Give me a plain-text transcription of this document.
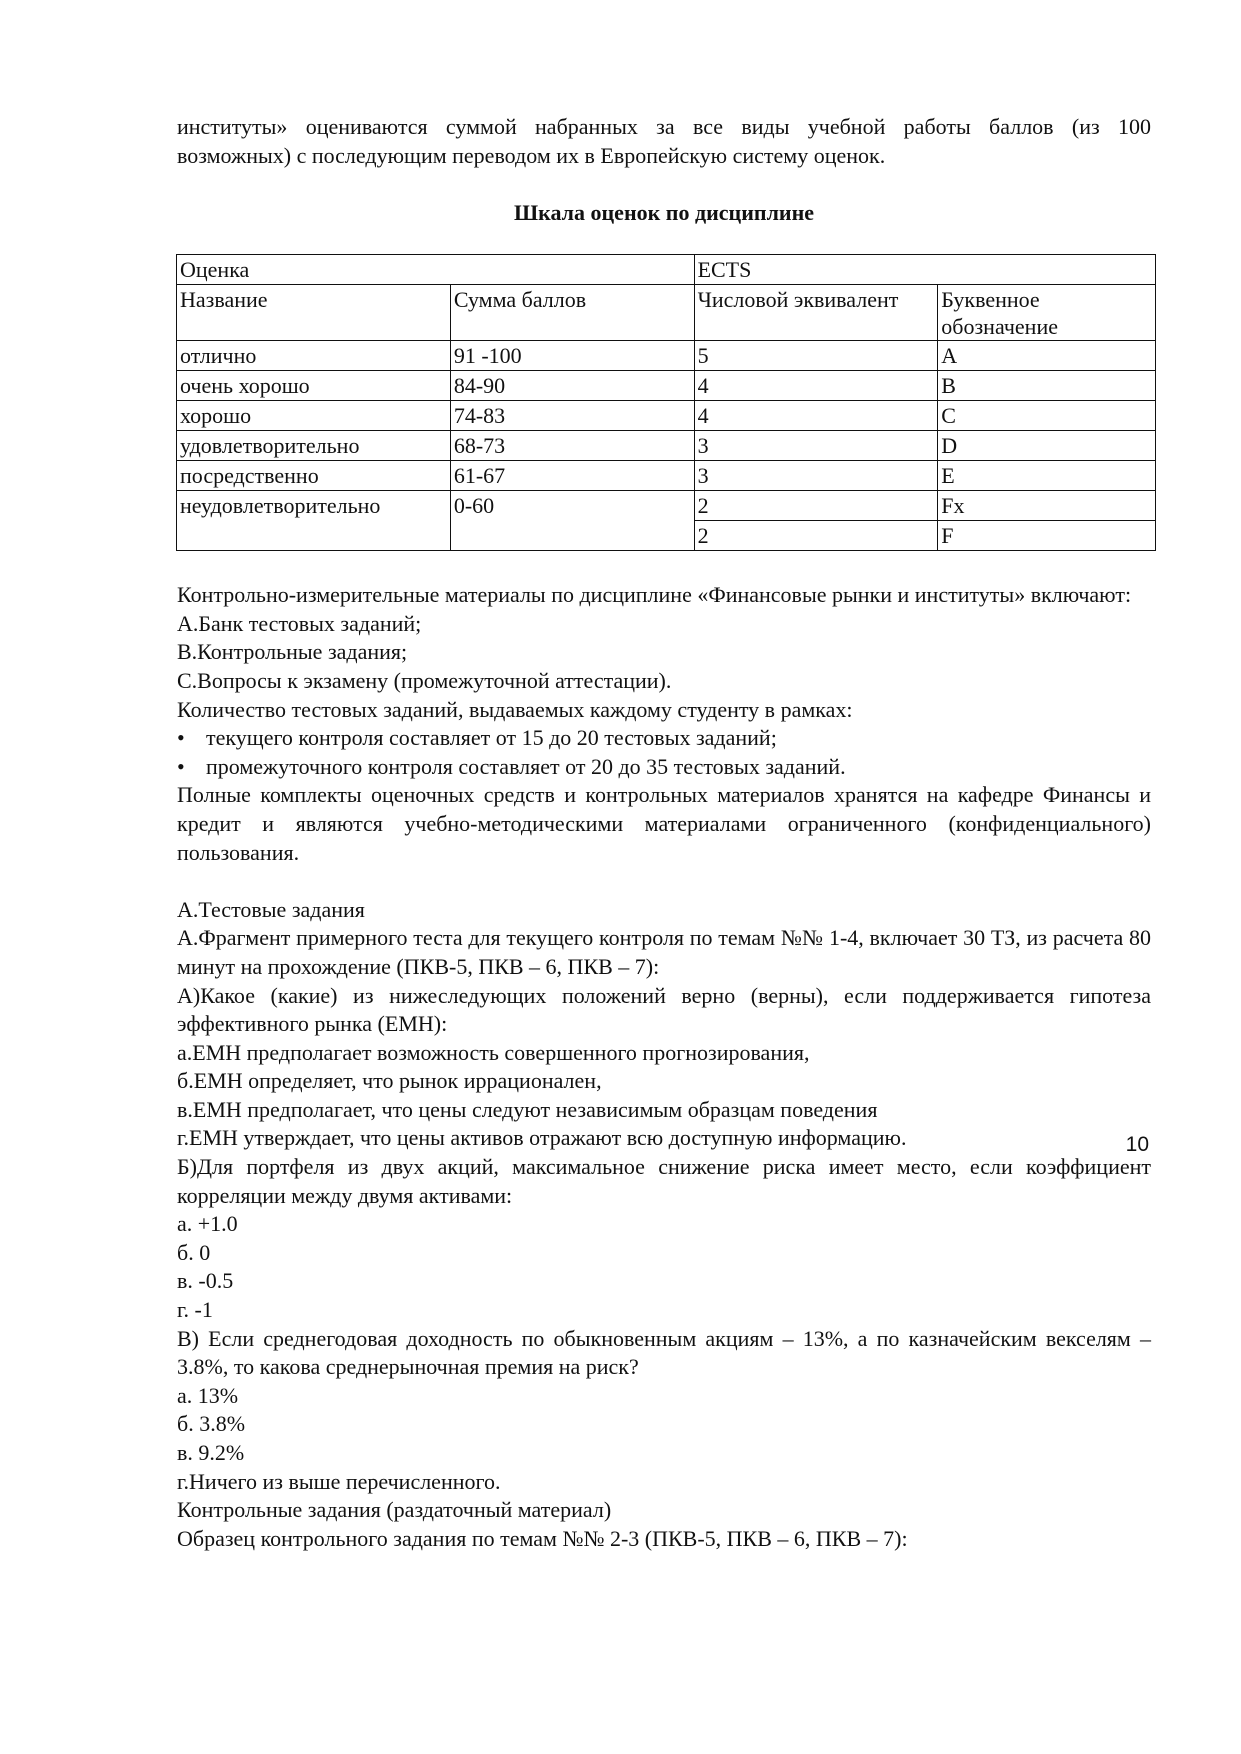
институты» оцениваются суммой набранных за все виды учебной работы баллов (из 100

возможных) с последующим переводом их в Европейскую систему оценок.

Шкала оценок по дисциплине
Оценка		ECTS	
Название	Сумма баллов	Числовой эквивалент	Буквенное обозначение
отлично	91 -100	5	A
очень хорошо	84-90	4	B
хорошо	74-83	4	C
удовлетворительно	68-73	3	D
посредственно	61-67	3	E
неудовлетворительно	0-60	2	Fx
		2	F

Контрольно-измерительные материалы по дисциплине «Финансовые рынки и институты» включают:

А.Банк тестовых заданий;

В.Контрольные задания;

С.Вопросы к экзамену (промежуточной аттестации).

Количество тестовых заданий, выдаваемых каждому студенту в рамках:

• текущего контроля составляет от 15 до 20 тестовых заданий;
• промежуточного контроля составляет от 20 до 35 тестовых заданий.

Полные комплекты оценочных средств и контрольных материалов хранятся на кафедре Финансы и кредит и являются учебно-методическими материалами ограниченного (конфиденциального) пользования.

А.Тестовые задания

А.Фрагмент примерного теста для текущего контроля по темам №№ 1-4, включает 30 ТЗ, из расчета 80 минут на прохождение (ПКВ-5, ПКВ – 6, ПКВ – 7):

А)Какое (какие) из нижеследующих положений верно (верны), если поддерживается гипотеза эффективного рынка (ЕМН):

а.ЕМН предполагает возможность совершенного прогнозирования,

б.ЕМН определяет, что рынок иррационален,

в.ЕМН предполагает, что цены следуют независимым образцам поведения

г.ЕМН утверждает, что цены активов отражают всю доступную информацию.

Б)Для портфеля из двух акций, максимальное снижение риска имеет место, если коэффициент корреляции между двумя активами:

а. +1.0

б. 0

в. -0.5

г. -1

В) Если среднегодовая доходность по обыкновенным акциям – 13%, а по казначейским векселям – 3.8%, то какова среднерыночная премия на риск?

а. 13%

б. 3.8%

в. 9.2%

г.Ничего из выше перечисленного.

Контрольные задания (раздаточный материал)

Образец контрольного задания по темам №№ 2-3 (ПКВ-5, ПКВ – 6, ПКВ – 7):

10
